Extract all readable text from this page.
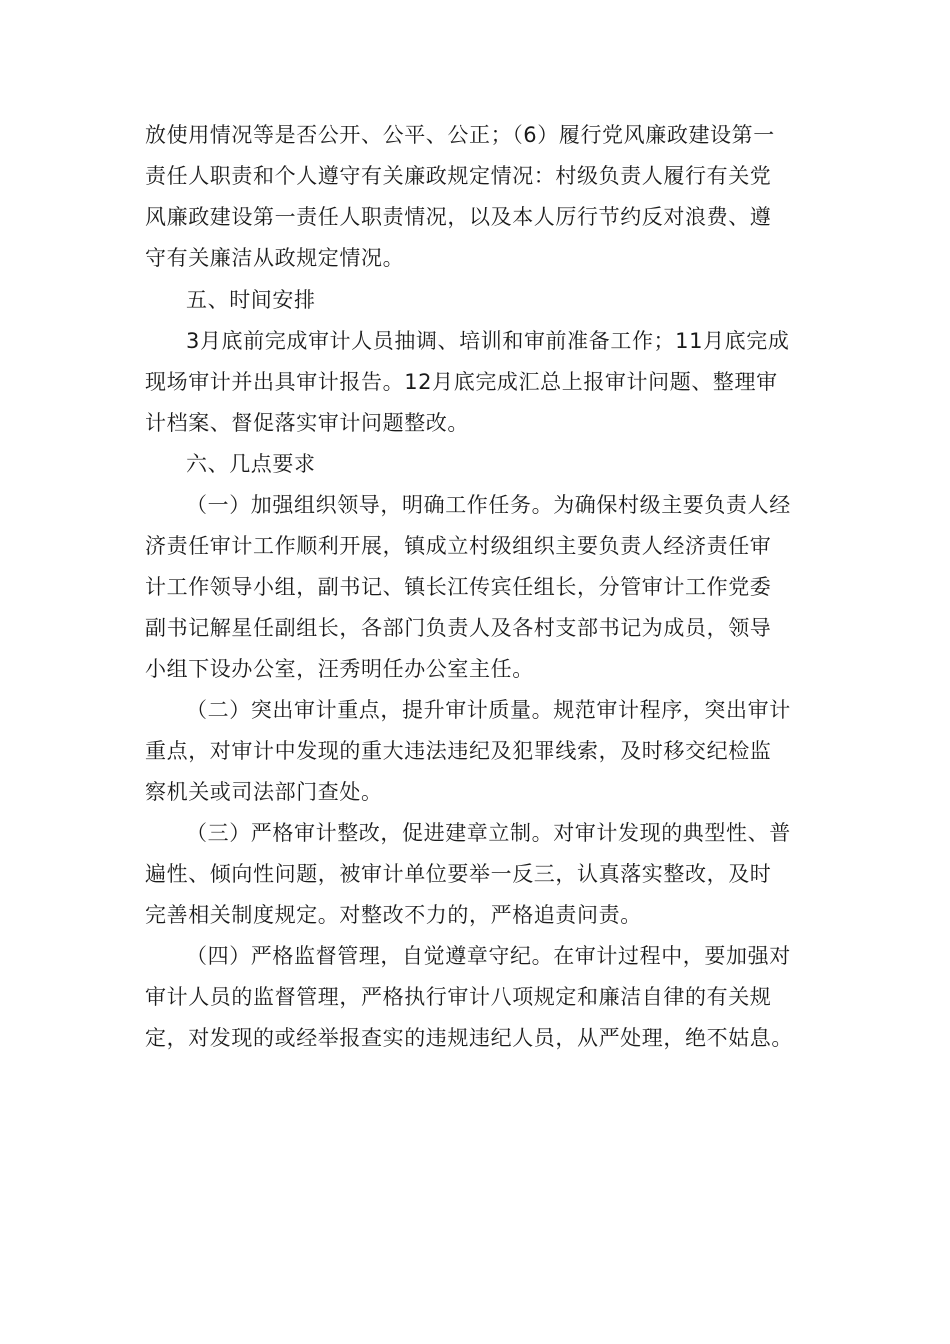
放使用情况等是否公开、公平、公正；（6）履行党风廉政建设第一
责任人职责和个人遵守有关廉政规定情况：村级负责人履行有关党
风廉政建设第一责任人职责情况，以及本人厉行节约反对浪费、遵
守有关廉洁从政规定情况。
五、时间安排
3月底前完成审计人员抽调、培训和审前准备工作；11月底完成
现场审计并出具审计报告。12月底完成汇总上报审计问题、整理审
计档案、督促落实审计问题整改。
六、几点要求
（一）加强组织领导，明确工作任务。为确保村级主要负责人经
济责任审计工作顺利开展，镇成立村级组织主要负责人经济责任审
计工作领导小组，副书记、镇长江传宾任组长，分管审计工作党委
副书记解星任副组长，各部门负责人及各村支部书记为成员，领导
小组下设办公室，汪秀明任办公室主任。
（二）突出审计重点，提升审计质量。规范审计程序，突出审计
重点，对审计中发现的重大违法违纪及犯罪线索，及时移交纪检监
察机关或司法部门查处。
（三）严格审计整改，促进建章立制。对审计发现的典型性、普
遍性、倾向性问题，被审计单位要举一反三，认真落实整改，及时
完善相关制度规定。对整改不力的，严格追责问责。
（四）严格监督管理，自觉遵章守纪。在审计过程中，要加强对
审计人员的监督管理，严格执行审计八项规定和廉洁自律的有关规
定，对发现的或经举报查实的违规违纪人员，从严处理，绝不姑息。
